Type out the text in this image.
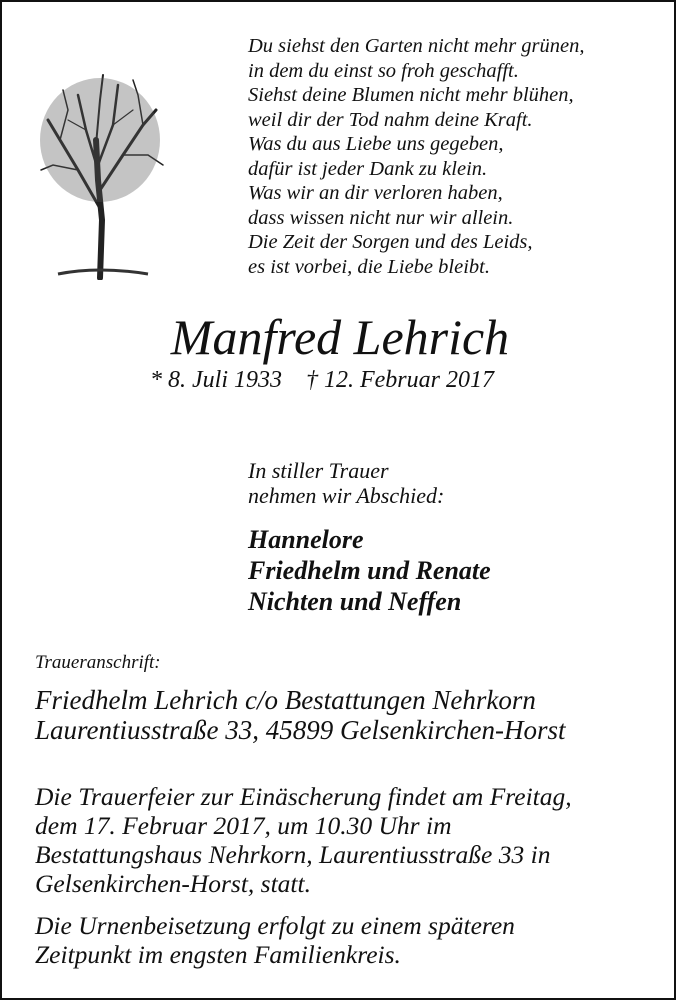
Du siehst den Garten nicht mehr grünen,
in dem du einst so froh geschafft.
Siehst deine Blumen nicht mehr blühen,
weil dir der Tod nahm deine Kraft.
Was du aus Liebe uns gegeben,
dafür ist jeder Dank zu klein.
Was wir an dir verloren haben,
dass wissen nicht nur wir allein.
Die Zeit der Sorgen und des Leids,
es ist vorbei, die Liebe bleibt.
Manfred Lehrich
* 8. Juli 1933    † 12. Februar 2017
In stiller Trauer
nehmen wir Abschied:
Hannelore
Friedhelm und Renate
Nichten und Neffen
Traueranschrift:
Friedhelm Lehrich c/o Bestattungen Nehrkorn
Laurentiusstraße 33, 45899 Gelsenkirchen-Horst
Die Trauerfeier zur Einäscherung findet am Freitag,
dem 17. Februar 2017, um 10.30 Uhr im
Bestattungshaus Nehrkorn, Laurentiusstraße 33 in
Gelsenkirchen-Horst, statt.
Die Urnenbeisetzung erfolgt zu einem späteren
Zeitpunkt im engsten Familienkreis.
